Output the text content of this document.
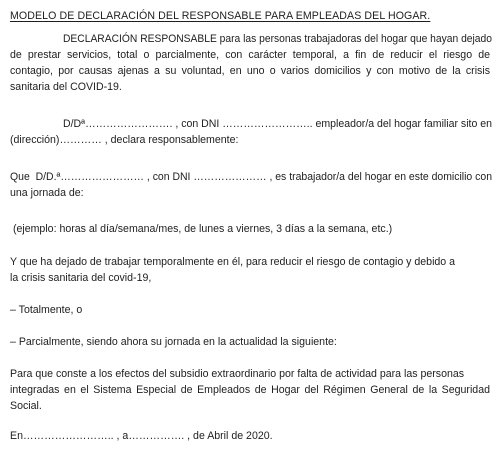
MODELO DE DECLARACIÓN DEL RESPONSABLE PARA EMPLEADAS DEL HOGAR.
DECLARACIÓN RESPONSABLE para las personas trabajadoras del hogar que hayan dejado
de prestar servicios, total o parcialmente, con carácter temporal, a fin de reducir el riesgo de
contagio, por causas ajenas a su voluntad, en uno o varios domicilios y con motivo de la crisis
sanitaria del COVID-19.
D/Dª……………………. , con DNI …………………….. empleador/a del hogar familiar sito en
(dirección)………… , declara responsablemente:
Que  D/D.ª…………………… , con DNI ………………… , es trabajador/a del hogar en este domicilio con
una jornada de:
(ejemplo: horas al día/semana/mes, de lunes a viernes, 3 días a la semana, etc.)
Y que ha dejado de trabajar temporalmente en él, para reducir el riesgo de contagio y debido a
la crisis sanitaria del covid-19,
– Totalmente, o
– Parcialmente, siendo ahora su jornada en la actualidad la siguiente:
Para que conste a los efectos del subsidio extraordinario por falta de actividad para las personas
integradas en el Sistema Especial de Empleados de Hogar del Régimen General de la Seguridad
Social.
En…………………….. , a……………. , de Abril de 2020.
